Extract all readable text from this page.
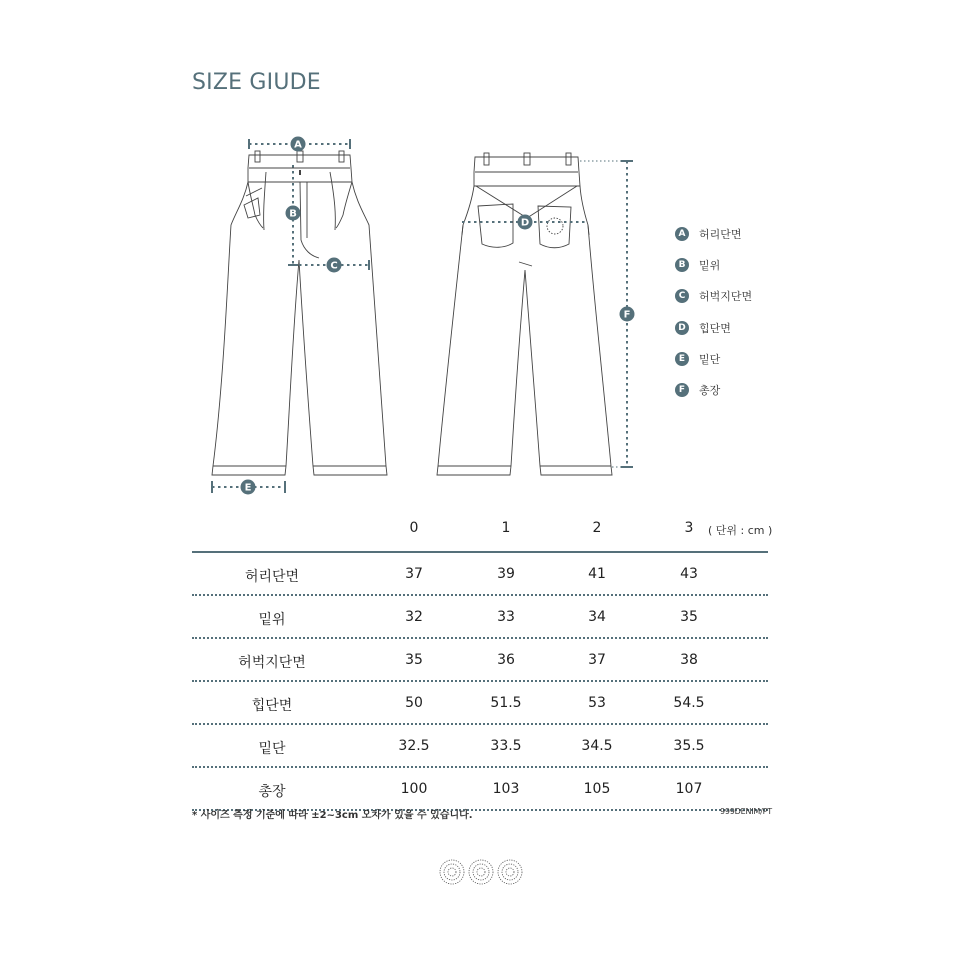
SIZE GIUDE
A
B
C
D
E
F
A	허리단면
B	밑위
C	허벅지단면
D 힙단면
E	밑단
F	총장
0	1	2	3	( 단위 : cm )
허리단면	37	39	41	43
밑위	32	33	34	35
허벅지단면	35	36	37	38
힙단면	50	51.5	53	54.5
밑단	32.5	33.5	34.5	35.5
총장	100	103	105	107
* 사이즈 측정 기준에 따라 ±2~3cm 오차가 있을 수 있습니다.	999DENIM/PT
